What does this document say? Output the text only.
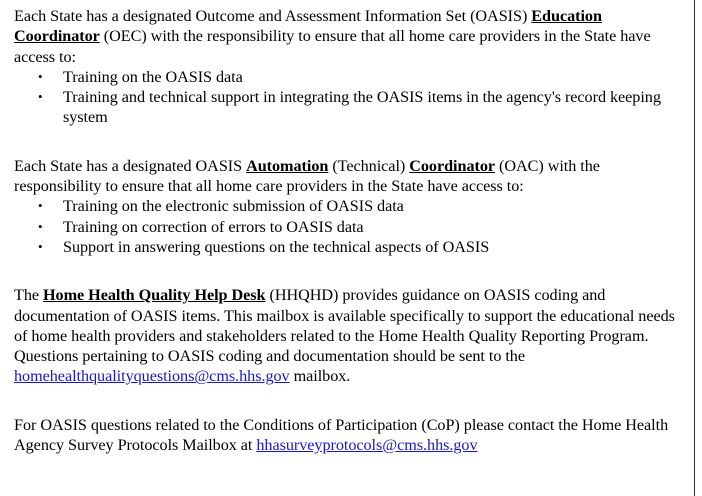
Each State has a designated Outcome and Assessment Information Set (OASIS) Education Coordinator (OEC) with the responsibility to ensure that all home care providers in the State have access to:

• Training on the OASIS data
• Training and technical support in integrating the OASIS items in the agency's record keeping system

Each State has a designated OASIS Automation (Technical) Coordinator (OAC) with the responsibility to ensure that all home care providers in the State have access to:

• Training on the electronic submission of OASIS data
• Training on correction of errors to OASIS data
• Support in answering questions on the technical aspects of OASIS

The Home Health Quality Help Desk (HHQHD) provides guidance on OASIS coding and documentation of OASIS items. This mailbox is available specifically to support the educational needs of home health providers and stakeholders related to the Home Health Quality Reporting Program. Questions pertaining to OASIS coding and documentation should be sent to the homehealthqualityquestions@cms.hhs.gov mailbox.

For OASIS questions related to the Conditions of Participation (CoP) please contact the Home Health Agency Survey Protocols Mailbox at hhasurveyprotocols@cms.hhs.gov
